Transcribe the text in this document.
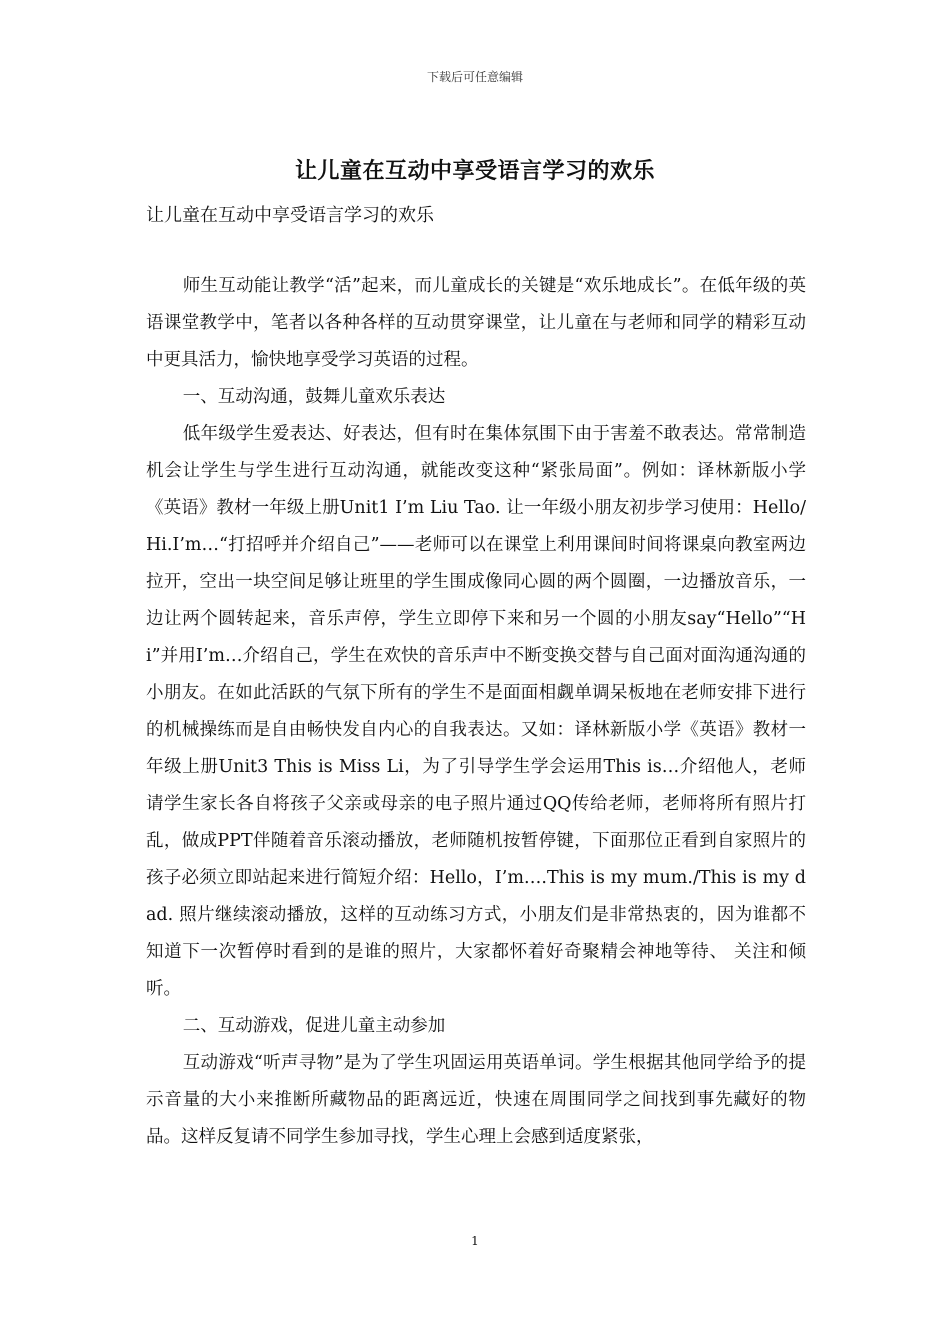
下载后可任意编辑
让儿童在互动中享受语言学习的欢乐
让儿童在互动中享受语言学习的欢乐

师生互动能让教学“活”起来，而儿童成长的关键是“欢乐地成长”。在低年级的英语课堂教学中，笔者以各种各样的互动贯穿课堂，让儿童在与老师和同学的精彩互动中更具活力，愉快地享受学习英语的过程。

一、互动沟通，鼓舞儿童欢乐表达

低年级学生爱表达、好表达，但有时在集体氛围下由于害羞不敢表达。常常制造机会让学生与学生进行互动沟通，就能改变这种“紧张局面”。例如：译林新版小学《英语》教材一年级上册Unit1 I’m Liu Tao. 让一年级小朋友初步学习使用：Hello/Hi.I’m…“打招呼并介绍自己”——老师可以在课堂上利用课间时间将课桌向教室两边拉开，空出一块空间足够让班里的学生围成像同心圆的两个圆圈，一边播放音乐，一边让两个圆转起来，音乐声停，学生立即停下来和另一个圆的小朋友say“Hello”“Hi”并用I’m…介绍自己，学生在欢快的音乐声中不断变换交替与自己面对面沟通沟通的小朋友。在如此活跃的气氛下所有的学生不是面面相觑单调呆板地在老师安排下进行的机械操练而是自由畅快发自内心的自我表达。又如：译林新版小学《英语》教材一年级上册Unit3 This is Miss Li，为了引导学生学会运用This is…介绍他人，老师请学生家长各自将孩子父亲或母亲的电子照片通过QQ传给老师，老师将所有照片打乱，做成PPT伴随着音乐滚动播放，老师随机按暂停键，下面那位正看到自家照片的孩子必须立即站起来进行简短介绍：Hello，I’m….This is my mum./This is my dad. 照片继续滚动播放，这样的互动练习方式，小朋友们是非常热衷的，因为谁都不知道下一次暂停时看到的是谁的照片，大家都怀着好奇聚精会神地等待、 关注和倾听。

二、互动游戏，促进儿童主动参加

互动游戏“听声寻物”是为了学生巩固运用英语单词。学生根据其他同学给予的提示音量的大小来推断所藏物品的距离远近，快速在周围同学之间找到事先藏好的物品。这样反复请不同学生参加寻找，学生心理上会感到适度紧张，

1
